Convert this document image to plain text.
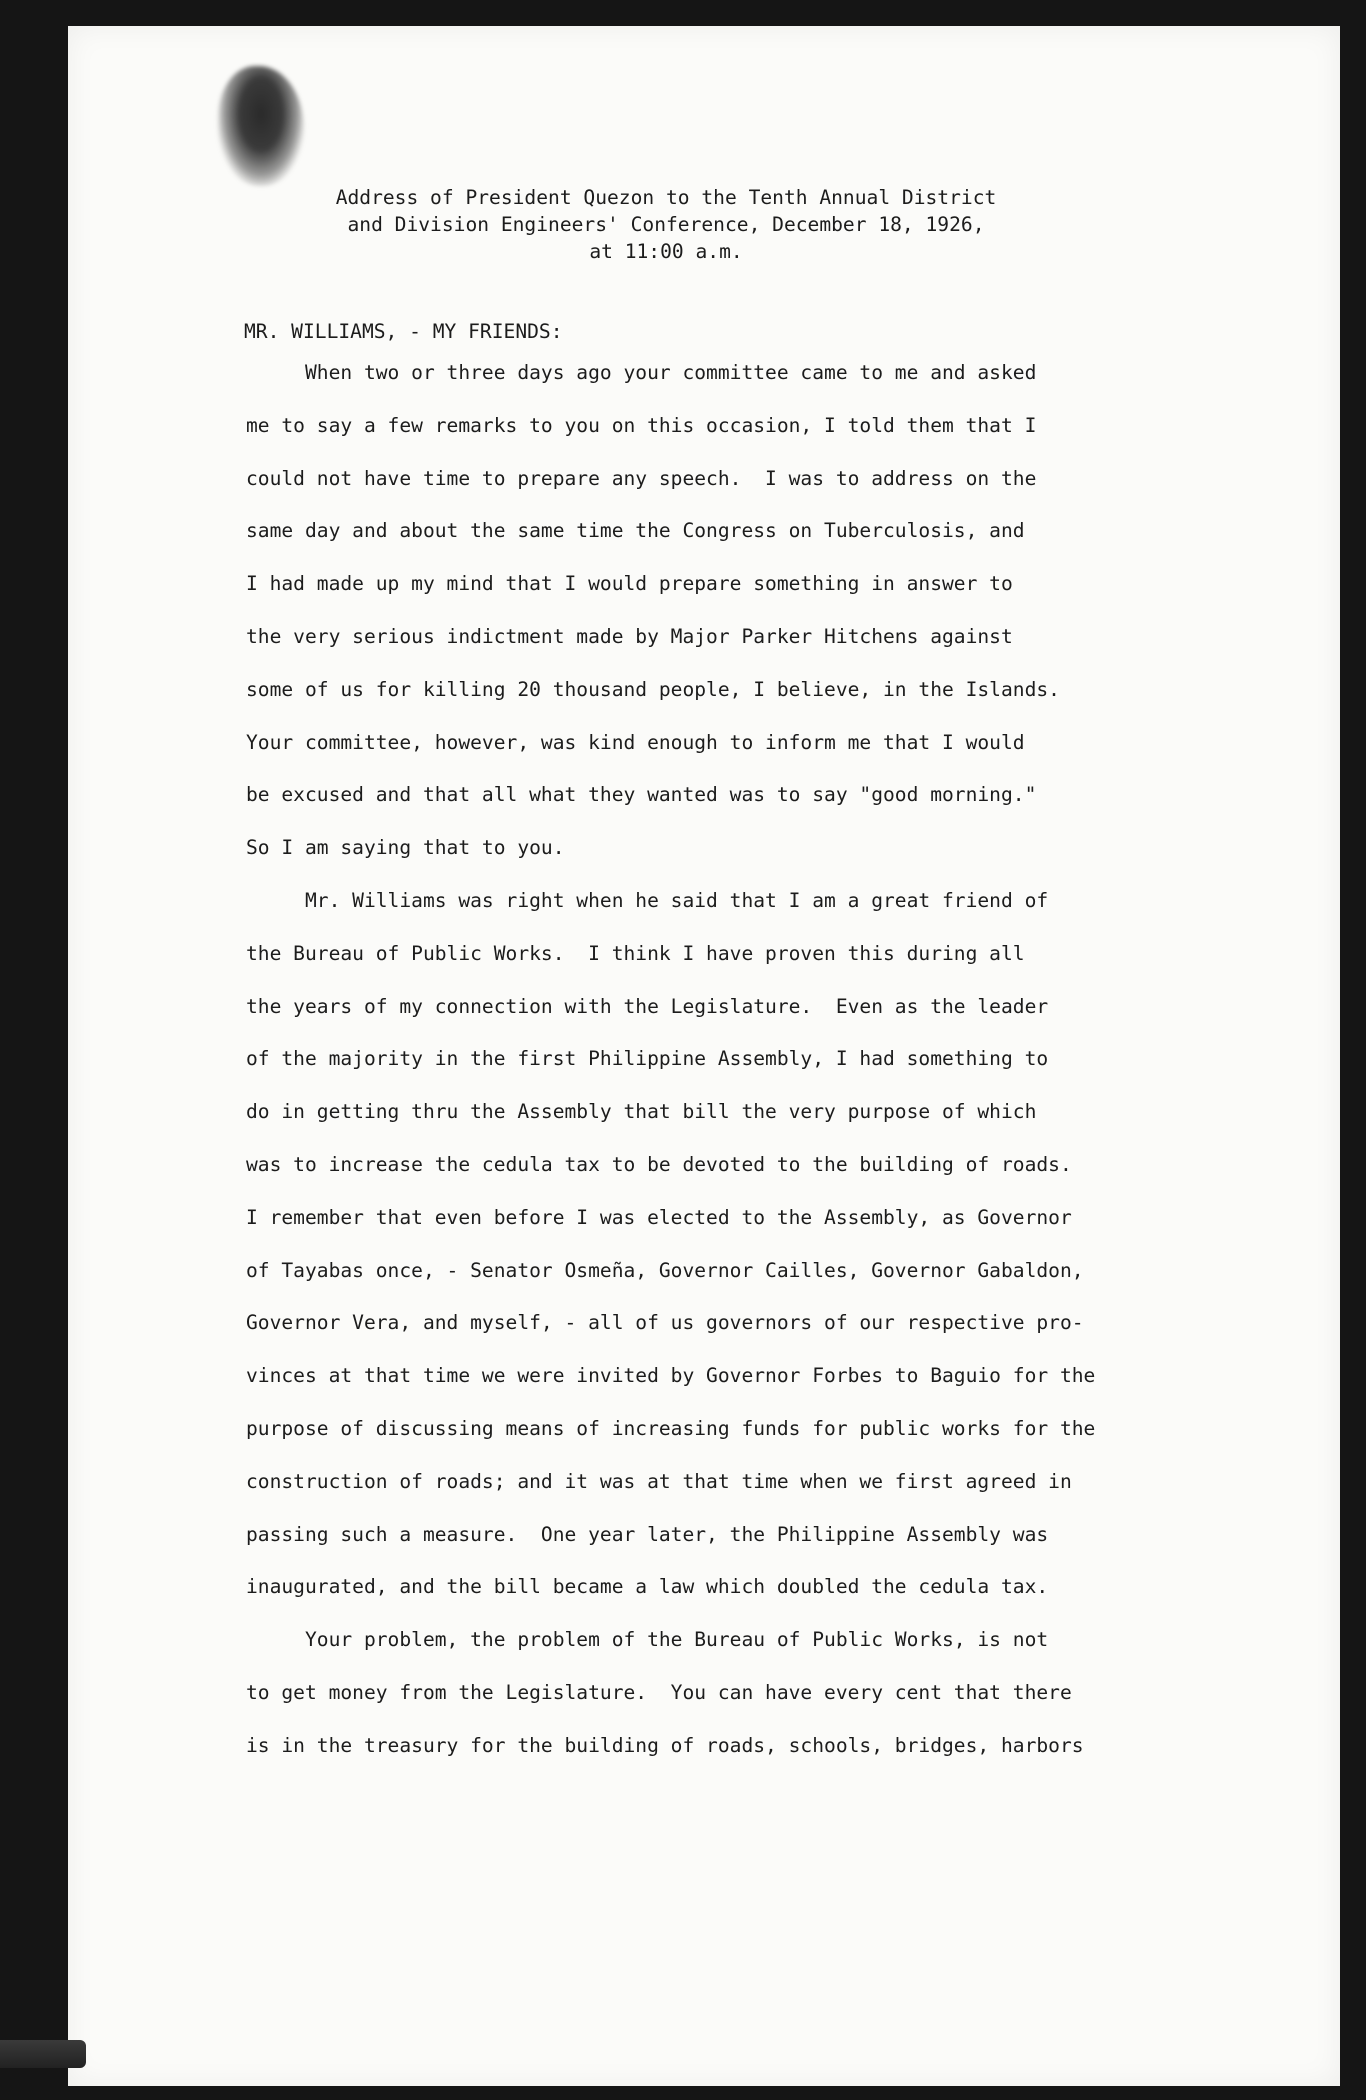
Address of President Quezon to the Tenth Annual District
and Division Engineers' Conference, December 18, 1926,
at 11:00 a.m.
MR. WILLIAMS, - MY FRIENDS:
When two or three days ago your committee came to me and asked
me to say a few remarks to you on this occasion, I told them that I
could not have time to prepare any speech.  I was to address on the
same day and about the same time the Congress on Tuberculosis, and
I had made up my mind that I would prepare something in answer to
the very serious indictment made by Major Parker Hitchens against
some of us for killing 20 thousand people, I believe, in the Islands.
Your committee, however, was kind enough to inform me that I would
be excused and that all what they wanted was to say "good morning."
So I am saying that to you.
Mr. Williams was right when he said that I am a great friend of
the Bureau of Public Works.  I think I have proven this during all
the years of my connection with the Legislature.  Even as the leader
of the majority in the first Philippine Assembly, I had something to
do in getting thru the Assembly that bill the very purpose of which
was to increase the cedula tax to be devoted to the building of roads.
I remember that even before I was elected to the Assembly, as Governor
of Tayabas once, - Senator Osmeña, Governor Cailles, Governor Gabaldon,
Governor Vera, and myself, - all of us governors of our respective pro-
vinces at that time we were invited by Governor Forbes to Baguio for the
purpose of discussing means of increasing funds for public works for the
construction of roads; and it was at that time when we first agreed in
passing such a measure.  One year later, the Philippine Assembly was
inaugurated, and the bill became a law which doubled the cedula tax.
Your problem, the problem of the Bureau of Public Works, is not
to get money from the Legislature.  You can have every cent that there
is in the treasury for the building of roads, schools, bridges, harbors
